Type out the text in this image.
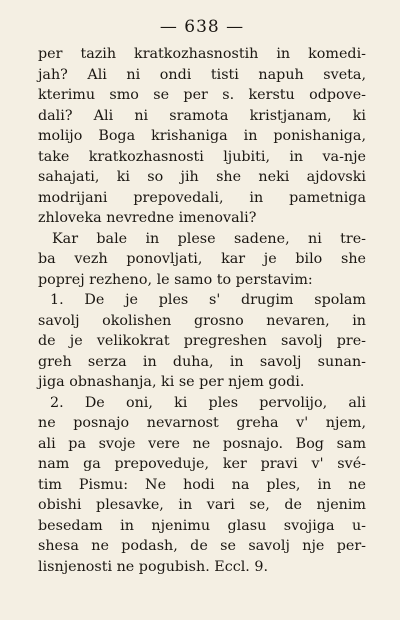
— 638 —
per tazih kratkozhasnostih in komedi-
jah? Ali ni ondi tisti napuh sveta,
kterimu smo se per s. kerstu odpove-
dali? Ali ni sramota kristjanam, ki
molijo Boga krishaniga in ponishaniga,
take kratkozhasnosti ljubiti, in va-nje
sahajati, ki so jih she neki ajdovski
modrijani prepovedali, in pametniga
zhloveka nevredne imenovali?
Kar bale in plese sadene, ni tre-
ba vezh ponovljati, kar je bilo she
poprej rezheno, le samo to perstavim:
1. De je ples s' drugim spolam
savolj okolishen grosno nevaren, in
de je velikokrat pregreshen savolj pre-
greh serza in duha, in savolj sunan-
jiga obnashanja, ki se per njem godi.
2. De oni, ki ples pervolijo, ali
ne posnajo nevarnost greha v' njem,
ali pa svoje vere ne posnajo. Bog sam
nam ga prepoveduje, ker pravi v' své-
tim Pismu: Ne hodi na ples, in ne
obishi plesavke, in vari se, de njenim
besedam in njenimu glasu svojiga u-
shesa ne podash, de se savolj nje per-
lisnjenosti ne pogubish. Eccl. 9.
